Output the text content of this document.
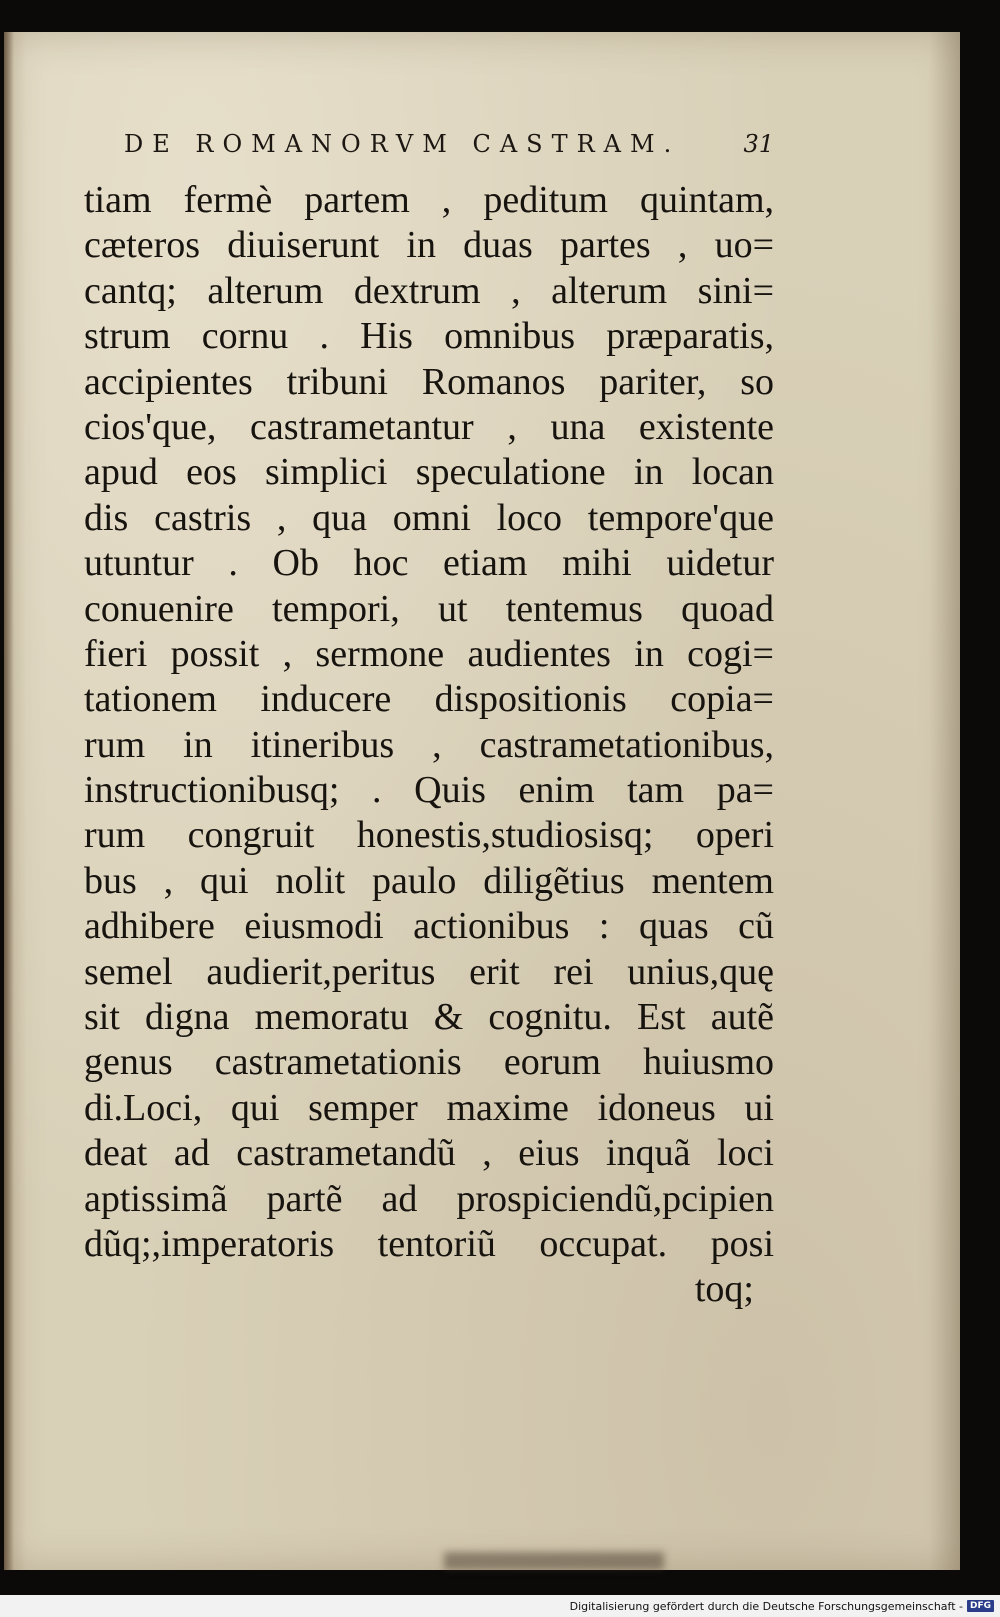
DE ROMANORVM CASTRAM.	31
tiam fermè partem , peditum quintam,
cæteros diuiserunt in duas partes , uo=
cantq; alterum dextrum , alterum sini=
strum cornu . His omnibus præparatis,
accipientes tribuni Romanos pariter, so
cios'que, castrametantur , una existente
apud eos simplici speculatione in locan
dis castris , qua omni loco tempore'que
utuntur . Ob hoc etiam mihi uidetur
conuenire tempori, ut tentemus quoad
fieri possit , sermone audientes in cogi=
tationem inducere dispositionis copia=
rum in itineribus , castrametationibus,
instructionibusq; . Quis enim tam pa=
rum congruit honestis,studiosisq; operi
bus , qui nolit paulo diligẽtius mentem
adhibere eiusmodi actionibus : quas cũ
semel audierit,peritus erit rei unius,quę
sit digna memoratu & cognitu. Est autẽ
genus castrametationis eorum huiusmo
di.Loci, qui semper maxime idoneus ui
deat ad castrametandũ , eius inquã loci
aptissimã partẽ ad prospiciendũ,pcipien
dũq;,imperatoris tentoriũ occupat. posi
toq;
Digitalisierung gefördert durch die Deutsche Forschungsgemeinschaft - DFG
